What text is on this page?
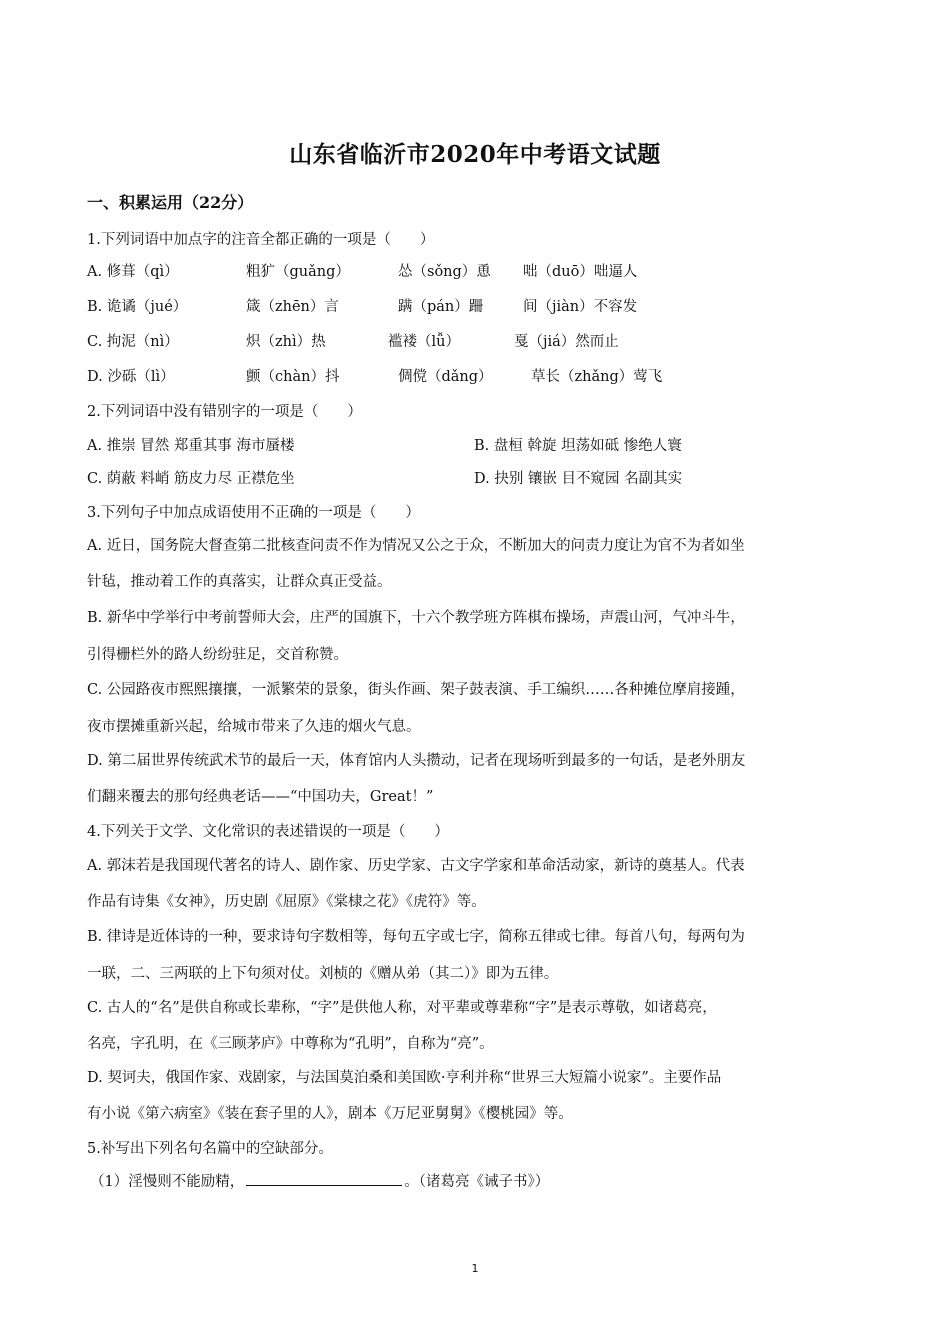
山东省临沂市2020年中考语文试题
一、积累运用（22分）
1.下列词语中加点字的注音全都正确的一项是（　　）
A. 修葺（qì）	粗犷（guǎng）	怂（sǒng）恿 咄（duō）咄逼人
B. 诡谲（jué）	箴（zhēn）言	蹒（pán）跚	间（jiàn）不容发
C. 拘泥（nì）	炽（zhì）热	褴褛（lǚ）	戛（jiá）然而止
D. 沙砾（lì）	颤（chàn）抖	倜傥（dǎng）	草长（zhǎng）莺飞
2.下列词语中没有错别字的一项是（　　）
A. 推崇 冒然 郑重其事 海市蜃楼	B. 盘桓 斡旋 坦荡如砥 惨绝人寰
C. 荫蔽 料峭 筋皮力尽 正襟危坐	D. 抉别 镶嵌 目不窥园 名副其实
3.下列句子中加点成语使用不正确的一项是（　　）
A. 近日，国务院大督查第二批核查问责不作为情况又公之于众，不断加大的问责力度让为官不为者如坐
针毡，推动着工作的真落实，让群众真正受益。
B. 新华中学举行中考前誓师大会，庄严的国旗下，十六个教学班方阵棋布操场，声震山河，气冲斗牛，
引得栅栏外的路人纷纷驻足，交首称赞。
C. 公园路夜市熙熙攘攘，一派繁荣的景象，街头作画、架子鼓表演、手工编织……各种摊位摩肩接踵，
夜市摆摊重新兴起，给城市带来了久违的烟火气息。
D. 第二届世界传统武术节的最后一天，体育馆内人头攒动，记者在现场听到最多的一句话，是老外朋友
们翻来覆去的那句经典老话——“中国功夫，Great！”
4.下列关于文学、文化常识的表述错误的一项是（　　）
A. 郭沫若是我国现代著名的诗人、剧作家、历史学家、古文字学家和革命活动家，新诗的奠基人。代表
作品有诗集《女神》，历史剧《屈原》《棠棣之花》《虎符》等。
B. 律诗是近体诗的一种，要求诗句字数相等，每句五字或七字，简称五律或七律。每首八句，每两句为
一联，二、三两联的上下句须对仗。刘桢的《赠从弟（其二）》即为五律。
C. 古人的“名”是供自称或长辈称，“字”是供他人称，对平辈或尊辈称“字”是表示尊敬，如诸葛亮，
名亮，字孔明，在《三顾茅庐》中尊称为“孔明”，自称为“亮”。
D. 契诃夫，俄国作家、戏剧家，与法国莫泊桑和美国欧·亨利并称“世界三大短篇小说家”。主要作品
有小说《第六病室》《装在套子里的人》，剧本《万尼亚舅舅》《樱桃园》等。
5.补写出下列名句名篇中的空缺部分。
（1）淫慢则不能励精，	。（诸葛亮《诫子书》）
1
